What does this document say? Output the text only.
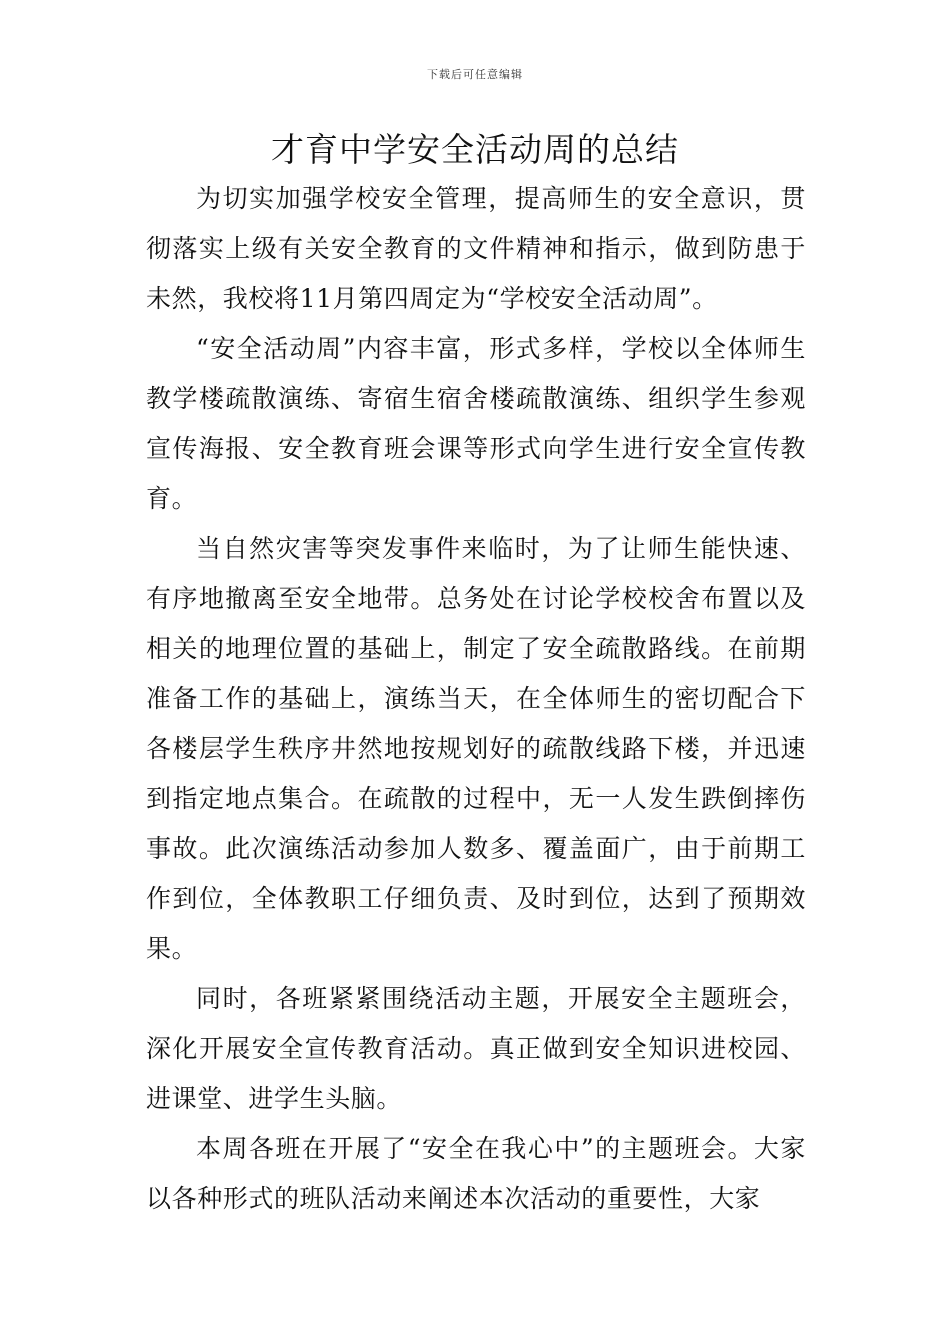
下载后可任意编辑
才育中学安全活动周的总结

为切实加强学校安全管理，提高师生的安全意识，贯彻落实上级有关安全教育的文件精神和指示，做到防患于未然，我校将11月第四周定为“学校安全活动周”。

“安全活动周”内容丰富，形式多样，学校以全体师生教学楼疏散演练、寄宿生宿舍楼疏散演练、组织学生参观宣传海报、安全教育班会课等形式向学生进行安全宣传教育。

当自然灾害等突发事件来临时，为了让师生能快速、有序地撤离至安全地带。总务处在讨论学校校舍布置以及相关的地理位置的基础上，制定了安全疏散路线。在前期准备工作的基础上，演练当天，在全体师生的密切配合下各楼层学生秩序井然地按规划好的疏散线路下楼，并迅速到指定地点集合。在疏散的过程中，无一人发生跌倒摔伤事故。此次演练活动参加人数多、覆盖面广，由于前期工作到位，全体教职工仔细负责、及时到位，达到了预期效果。

同时，各班紧紧围绕活动主题，开展安全主题班会，深化开展安全宣传教育活动。真正做到安全知识进校园、进课堂、进学生头脑。

本周各班在开展了“安全在我心中”的主题班会。大家以各种形式的班队活动来阐述本次活动的重要性，大家
